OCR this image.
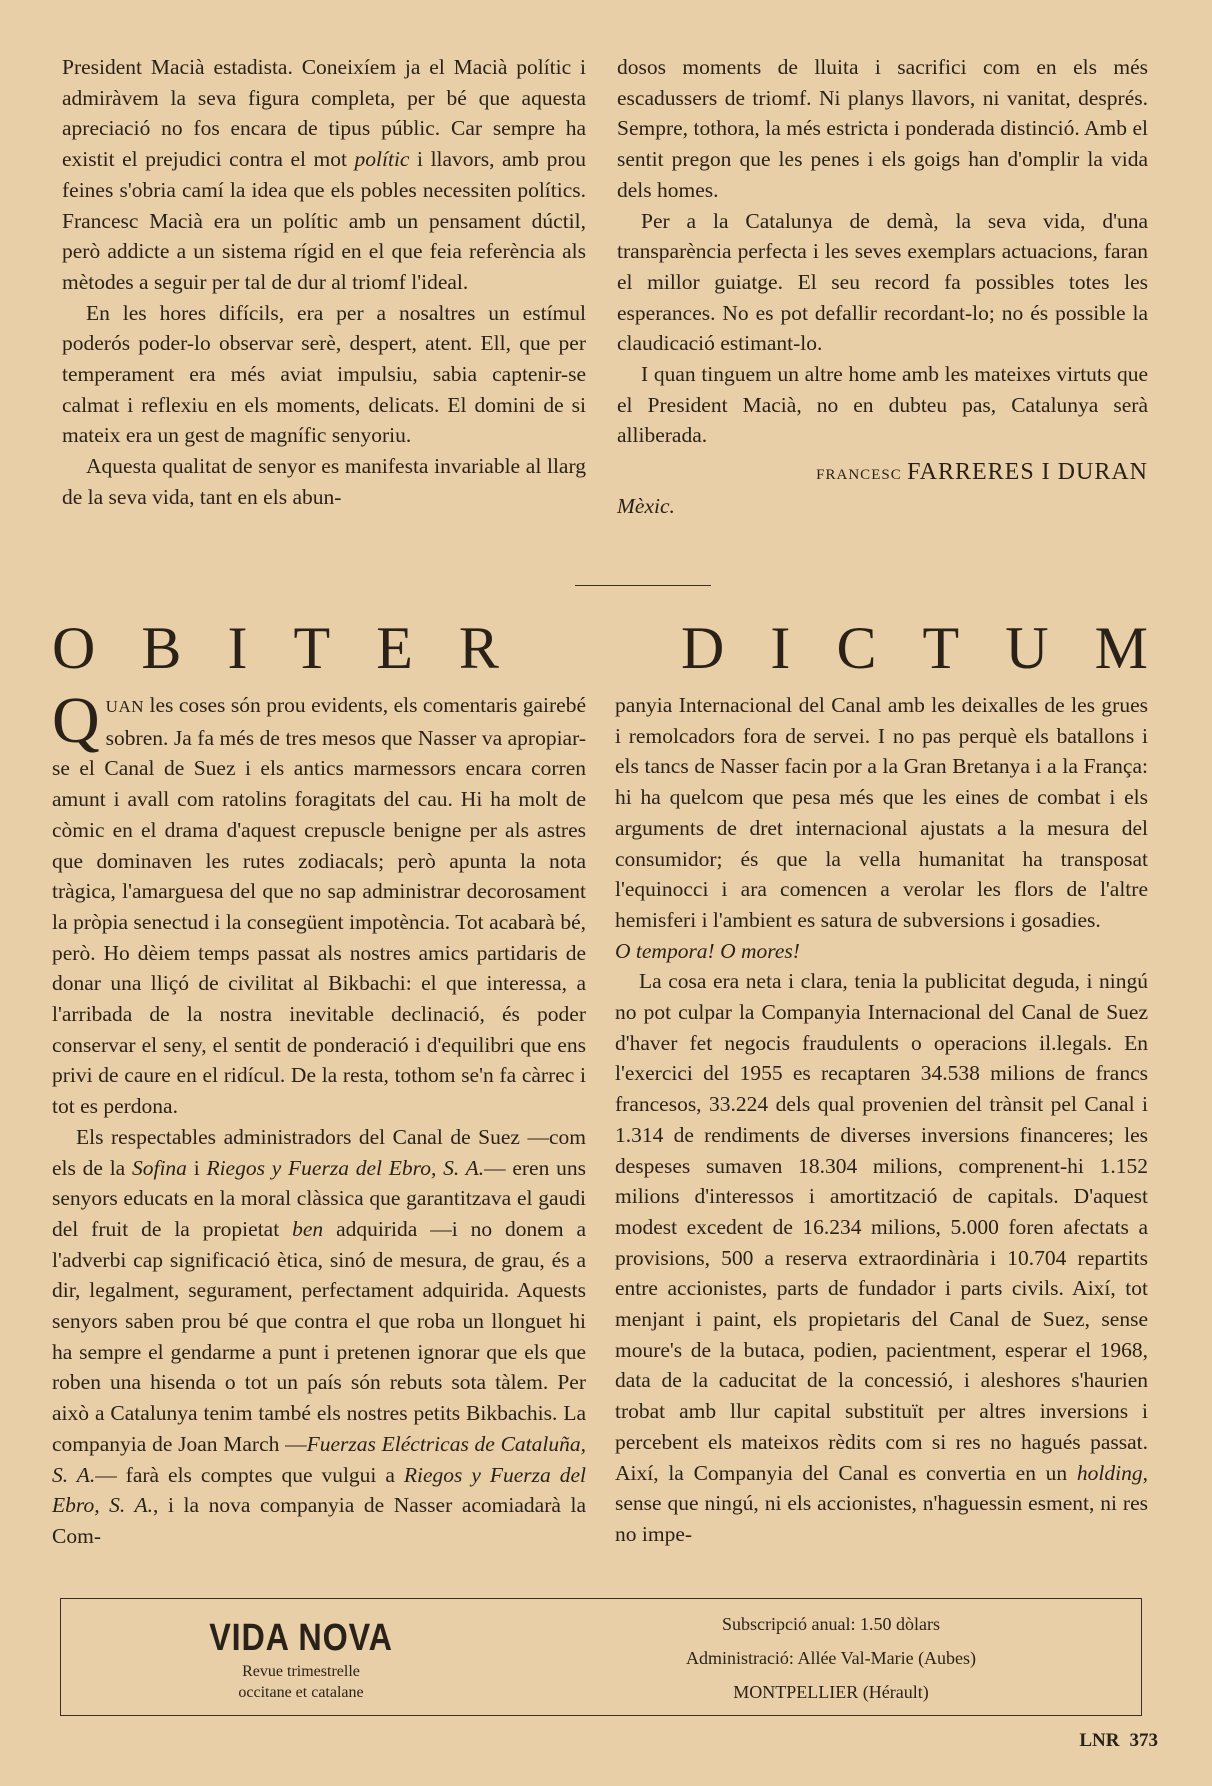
President Macià estadista. Coneixíem ja el Macià polític i admiràvem la seva figura completa, per bé que aquesta apreciació no fos encara de tipus públic. Car sempre ha existit el prejudici contra el mot polític i llavors, amb prou feines s'obria camí la idea que els pobles necessiten polítics. Francesc Macià era un polític amb un pensament dúctil, però addicte a un sistema rígid en el que feia referència als mètodes a seguir per tal de dur al triomf l'ideal.

En les hores difícils, era per a nosaltres un estímul poderós poder-lo observar serè, despert, atent. Ell, que per temperament era més aviat impulsiu, sabia captenir-se calmat i reflexiu en els moments, delicats. El domini de si mateix era un gest de magnífic senyoriu.

Aquesta qualitat de senyor es manifesta invariable al llarg de la seva vida, tant en els abun-

dosos moments de lluita i sacrifici com en els més escadussers de triomf. Ni planys llavors, ni vanitat, després. Sempre, tothora, la més estricta i ponderada distinció. Amb el sentit pregon que les penes i els goigs han d'omplir la vida dels homes.

Per a la Catalunya de demà, la seva vida, d'una transparència perfecta i les seves exemplars actuacions, faran el millor guiatge. El seu record fa possibles totes les esperances. No es pot defallir recordant-lo; no és possible la claudicació estimant-lo.

I quan tinguem un altre home amb les mateixes virtuts que el President Macià, no en dubteu pas, Catalunya serà alliberada.

FRANCESC FARRERES I DURAN
Mèxic.
O B I T E R	D I C T U M

QUAN les coses són prou evidents, els comentaris gairebé sobren. Ja fa més de tres mesos que Nasser va apropiar-se el Canal de Suez i els antics marmessors encara corren amunt i avall com ratolins foragitats del cau. Hi ha molt de còmic en el drama d'aquest crepuscle benigne per als astres que dominaven les rutes zodiacals; però apunta la nota tràgica, l'amarguesa del que no sap administrar decorosament la pròpia senectud i la consegüent impotència. Tot acabarà bé, però. Ho dèiem temps passat als nostres amics partidaris de donar una lliçó de civilitat al Bikbachi: el que interessa, a l'arribada de la nostra inevitable declinació, és poder conservar el seny, el sentit de ponderació i d'equilibri que ens privi de caure en el ridícul. De la resta, tothom se'n fa càrrec i tot es perdona.

Els respectables administradors del Canal de Suez —com els de la Sofina i Riegos y Fuerza del Ebro, S. A.— eren uns senyors educats en la moral clàssica que garantitzava el gaudi del fruit de la propietat ben adquirida —i no donem a l'adverbi cap significació ètica, sinó de mesura, de grau, és a dir, legalment, segurament, perfectament adquirida. Aquests senyors saben prou bé que contra el que roba un llonguet hi ha sempre el gendarme a punt i pretenen ignorar que els que roben una hisenda o tot un país són rebuts sota tàlem. Per això a Catalunya tenim també els nostres petits Bikbachis. La companyia de Joan March —Fuerzas Eléctricas de Cataluña, S. A.— farà els comptes que vulgui a Riegos y Fuerza del Ebro, S. A., i la nova companyia de Nasser acomiadarà la Com-

panyia Internacional del Canal amb les deixalles de les grues i remolcadors fora de servei. I no pas perquè els batallons i els tancs de Nasser facin por a la Gran Bretanya i a la França: hi ha quelcom que pesa més que les eines de combat i els arguments de dret internacional ajustats a la mesura del consumidor; és que la vella humanitat ha transposat l'equinocci i ara comencen a verolar les flors de l'altre hemisferi i l'ambient es satura de subversions i gosadies.

O tempora! O mores!

La cosa era neta i clara, tenia la publicitat deguda, i ningú no pot culpar la Companyia Internacional del Canal de Suez d'haver fet negocis fraudulents o operacions il.legals. En l'exercici del 1955 es recaptaren 34.538 milions de francs francesos, 33.224 dels qual provenien del trànsit pel Canal i 1.314 de rendiments de diverses inversions financeres; les despeses sumaven 18.304 milions, comprenent-hi 1.152 milions d'interessos i amortització de capitals. D'aquest modest excedent de 16.234 milions, 5.000 foren afectats a provisions, 500 a reserva extraordinària i 10.704 repartits entre accionistes, parts de fundador i parts civils. Així, tot menjant i paint, els propietaris del Canal de Suez, sense moure's de la butaca, podien, pacientment, esperar el 1968, data de la caducitat de la concessió, i aleshores s'haurien trobat amb llur capital substituït per altres inversions i percebent els mateixos rèdits com si res no hagués passat. Així, la Companyia del Canal es convertia en un holding, sense que ningú, ni els accionistes, n'haguessin esment, ni res no impe-

VIDA NOVA
Revue trimestrelle
occitane et catalane
Subscripció anual: 1.50 dòlars
Administració: Allée Val-Marie (Aubes)
MONTPELLIER (Hérault)
LNR 373
